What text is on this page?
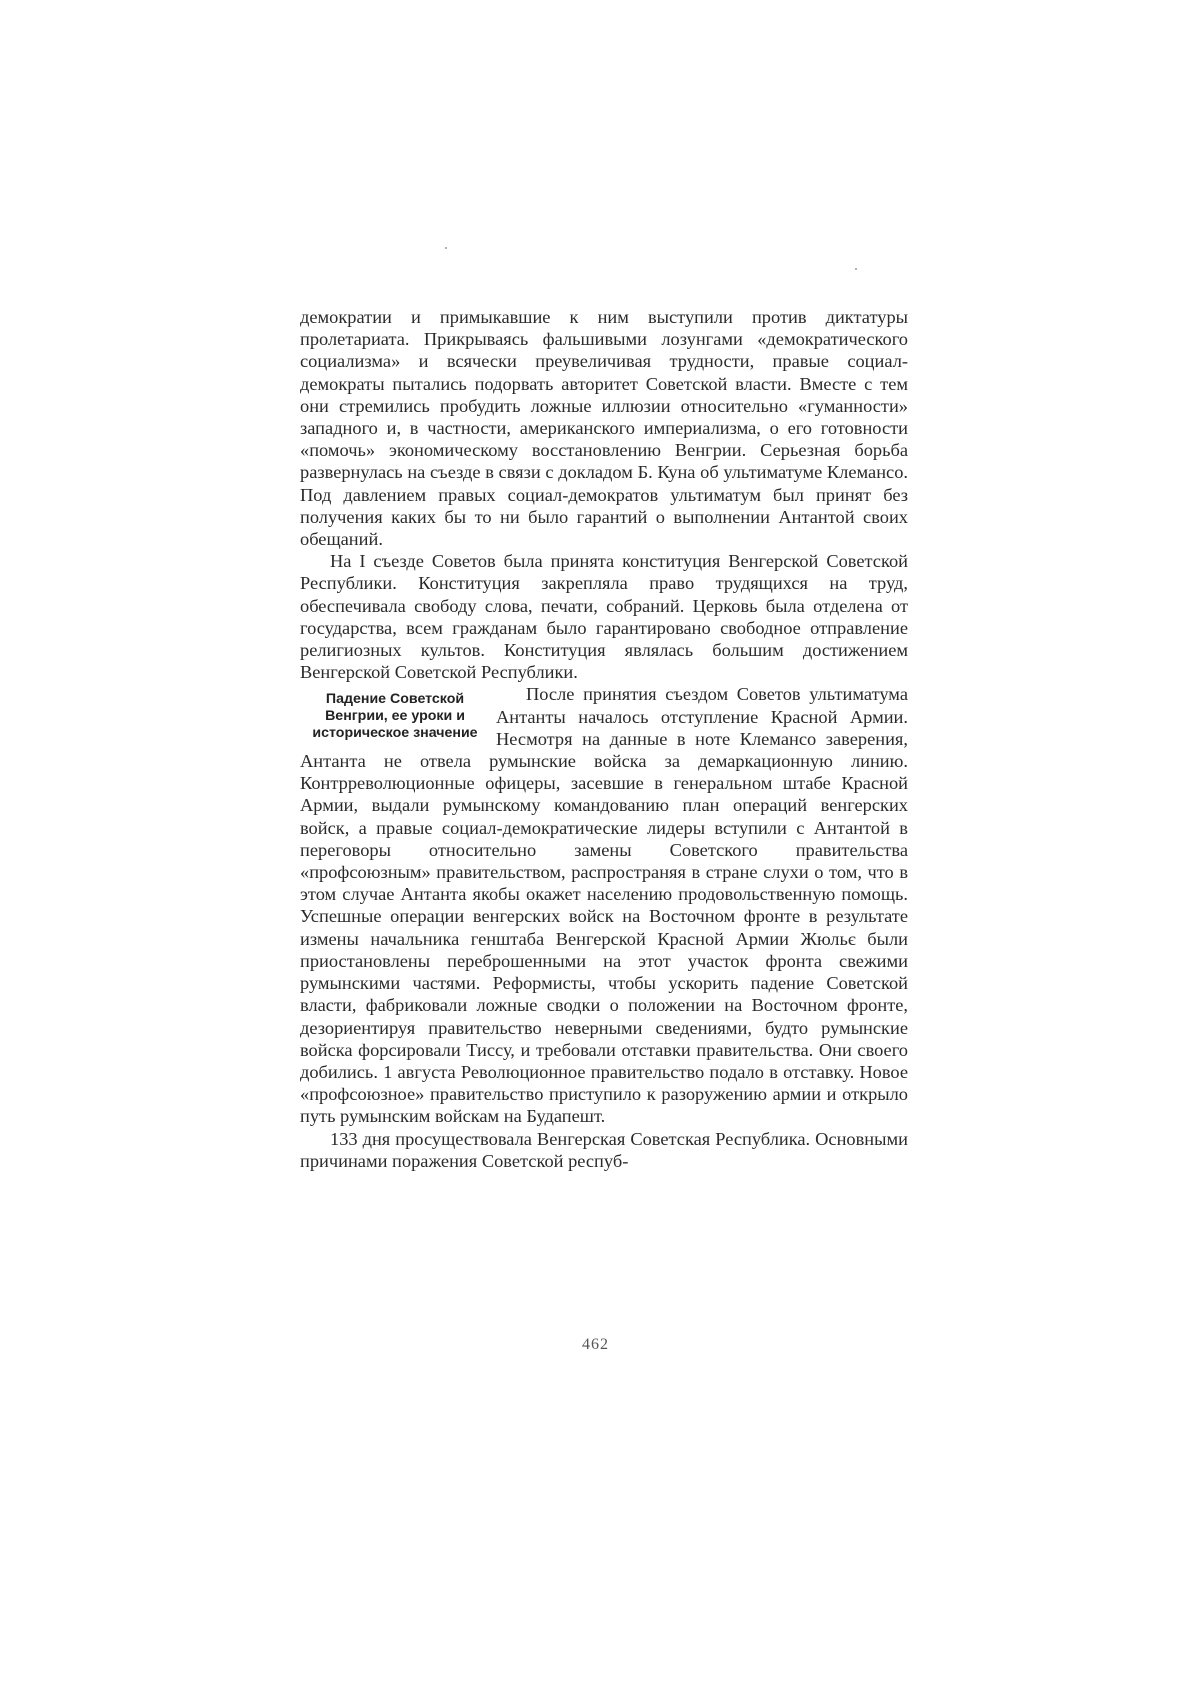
демократии и примыкавшие к ним выступили против диктатуры пролетариата. Прикрываясь фальшивыми лозунгами «демократического социализма» и всячески преувеличивая трудности, правые социал-демократы пытались подорвать авторитет Советской власти. Вместе с тем они стремились пробудить ложные иллюзии относительно «гуманности» западного и, в частности, американского империализма, о его готовности «помочь» экономическому восстановлению Венгрии. Серьезная борьба развернулась на съезде в связи с докладом Б. Куна об ультиматуме Клемансо. Под давлением правых социал-демократов ультиматум был принят без получения каких бы то ни было гарантий о выполнении Антантой своих обещаний.

На I съезде Советов была принята конституция Венгерской Советской Республики. Конституция закрепляла право трудящихся на труд, обеспечивала свободу слова, печати, собраний. Церковь была отделена от государства, всем гражданам было гарантировано свободное отправление религиозных культов. Конституция являлась большим достижением Венгерской Советской Республики.

Падение Советской Венгрии, ее уроки и историческое значение

После принятия съездом Советов ультиматума Антанты началось отступление Красной Армии. Несмотря на данные в ноте Клемансо заверения, Антанта не отвела румынские войска за демаркационную линию. Контрреволюционные офицеры, засевшие в генеральном штабе Красной Армии, выдали румынскому командованию план операций венгерских войск, а правые социал-демократические лидеры вступили с Антантой в переговоры относительно замены Советского правительства «профсоюзным» правительством, распространяя в стране слухи о том, что в этом случае Антанта якобы окажет населению продовольственную помощь. Успешные операции венгерских войск на Восточном фронте в результате измены начальника генштаба Венгерской Красной Армии Жюльє были приостановлены переброшенными на этот участок фронта свежими румынскими частями. Реформисты, чтобы ускорить падение Советской власти, фабриковали ложные сводки о положении на Восточном фронте, дезориентируя правительство неверными сведениями, будто румынские войска форсировали Тиссу, и требовали отставки правительства. Они своего добились. 1 августа Революционное правительство подало в отставку. Новое «профсоюзное» правительство приступило к разоружению армии и открыло путь румынским войскам на Будапешт.

133 дня просуществовала Венгерская Советская Республика. Основными причинами поражения Советской респуб-

462
